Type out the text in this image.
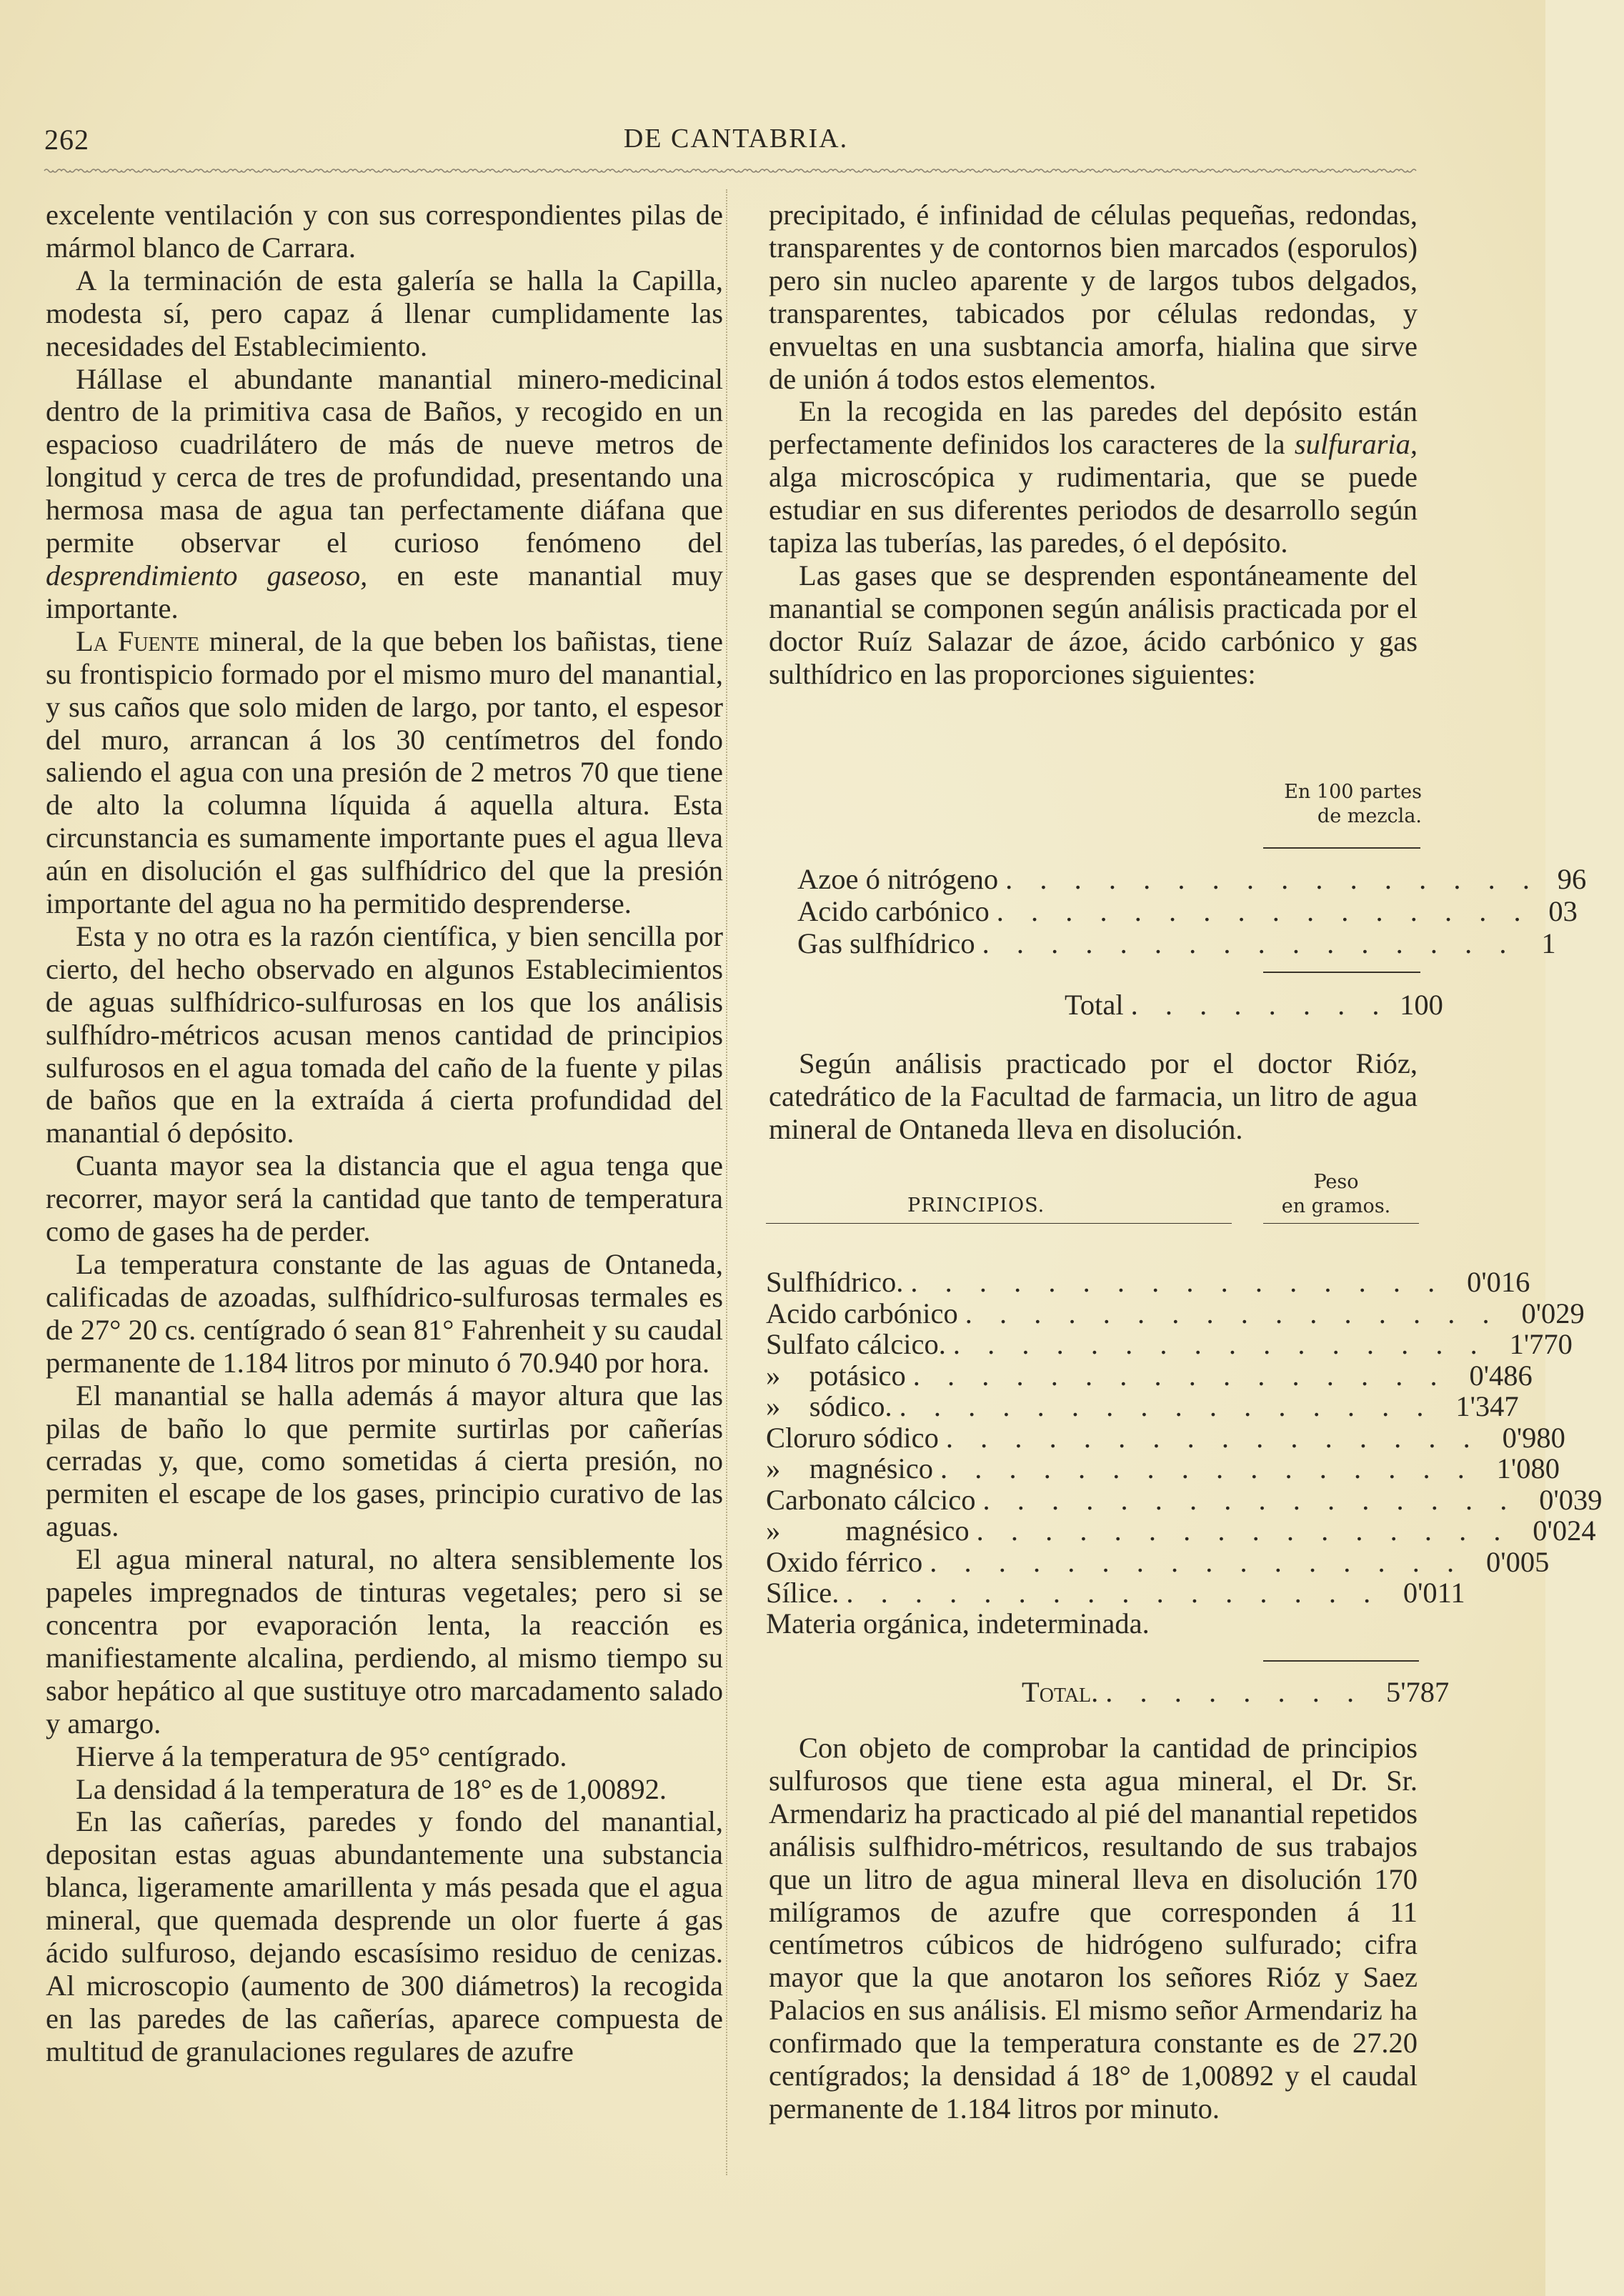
262	DE CANTABRIA.

excelente ventilación y con sus correspondientes pilas de mármol blanco de Carrara.

A la terminación de esta galería se halla la Capilla, modesta sí, pero capaz á llenar cumplidamente las necesidades del Establecimiento.

Hállase el abundante manantial minero-medicinal dentro de la primitiva casa de Baños, y recogido en un espacioso cuadrilátero de más de nueve metros de longitud y cerca de tres de profundidad, presentando una hermosa masa de agua tan perfectamente diáfana que permite observar el curioso fenómeno del desprendimiento gaseoso, en este manantial muy importante.

La Fuente mineral, de la que beben los bañistas, tiene su frontispicio formado por el mismo muro del manantial, y sus caños que solo miden de largo, por tanto, el espesor del muro, arrancan á los 30 centímetros del fondo saliendo el agua con una presión de 2 metros 70 que tiene de alto la columna líquida á aquella altura. Esta circunstancia es sumamente importante pues el agua lleva aún en disolución el gas sulfhídrico del que la presión importante del agua no ha permitido desprenderse.

Esta y no otra es la razón científica, y bien sencilla por cierto, del hecho observado en algunos Establecimientos de aguas sulfhídrico-sulfurosas en los que los análisis sulfhídro-métricos acusan menos cantidad de principios sulfurosos en el agua tomada del caño de la fuente y pilas de baños que en la extraída á cierta profundidad del manantial ó depósito.

Cuanta mayor sea la distancia que el agua tenga que recorrer, mayor será la cantidad que tanto de temperatura como de gases ha de perder.

La temperatura constante de las aguas de Ontaneda, calificadas de azoadas, sulfhídrico-sulfurosas termales es de 27° 20 cs. centígrado ó sean 81° Fahrenheit y su caudal permanente de 1.184 litros por minuto ó 70.940 por hora.

El manantial se halla además á mayor altura que las pilas de baño lo que permite surtirlas por cañerías cerradas y, que, como sometidas á cierta presión, no permiten el escape de los gases, principio curativo de las aguas.

El agua mineral natural, no altera sensiblemente los papeles impregnados de tinturas vegetales; pero si se concentra por evaporación lenta, la reacción es manifiestamente alcalina, perdiendo, al mismo tiempo su sabor hepático al que sustituye otro marcadamento salado y amargo.

Hierve á la temperatura de 95° centígrado.

La densidad á la temperatura de 18° es de 1,00892.

En las cañerías, paredes y fondo del manantial, depositan estas aguas abundantemente una substancia blanca, ligeramente amarillenta y más pesada que el agua mineral, que quemada desprende un olor fuerte á gas ácido sulfuroso, dejando escasísimo residuo de cenizas. Al microscopio (aumento de 300 diámetros) la recogida en las paredes de las cañerías, aparece compuesta de multitud de granulaciones regulares de azufre

precipitado, é infinidad de células pequeñas, redondas, transparentes y de contornos bien marcados (esporulos) pero sin nucleo aparente y de largos tubos delgados, transparentes, tabicados por células redondas, y envueltas en una susbtancia amorfa, hialina que sirve de unión á todos estos elementos.

En la recogida en las paredes del depósito están perfectamente definidos los caracteres de la sulfuraria, alga microscópica y rudimentaria, que se puede estudiar en sus diferentes periodos de desarrollo según tapiza las tuberías, las paredes, ó el depósito.

Las gases que se desprenden espontáneamente del manantial se componen según análisis practicada por el doctor Ruíz Salazar de ázoe, ácido carbónico y gas sulthídrico en las proporciones siguientes:

En 100 partes
de mezcla.
Azoe ó nitrógeno . . . . . . . . . . . . . . . . 96
Acido carbónico . . . . . . . . . . . . . . . . 03
Gas sulfhídrico . . . . . . . . . . . . . . . . 1
Total . . . . . . . . 100

Según análisis practicado por el doctor Rióz, catedrático de la Facultad de farmacia, un litro de agua mineral de Ontaneda lleva en disolución.

PRINCIPIOS.
Peso
en gramos.
Sulfhídrico. . . . . . . . . . . . . . . . . 0'016
Acido carbónico . . . . . . . . . . . . . . . . 0'029
Sulfato cálcico. . . . . . . . . . . . . . . . . 1'770
»    potásico . . . . . . . . . . . . . . . . 0'486
»    sódico. . . . . . . . . . . . . . . . . 1'347
Cloruro sódico . . . . . . . . . . . . . . . . 0'980
»    magnésico . . . . . . . . . . . . . . . . 1'080
Carbonato cálcico . . . . . . . . . . . . . . . . 0'039
»         magnésico . . . . . . . . . . . . . . . . 0'024
Oxido férrico . . . . . . . . . . . . . . . . 0'005
Sílice. . . . . . . . . . . . . . . . . 0'011
Materia orgánica, indeterminada.
Total. . . . . . . . . 5'787

Con objeto de comprobar la cantidad de principios sulfurosos que tiene esta agua mineral, el Dr. Sr. Armendariz ha practicado al pié del manantial repetidos análisis sulfhidro-métricos, resultando de sus trabajos que un litro de agua mineral lleva en disolución 170 milígramos de azufre que corresponden á 11 centímetros cúbicos de hidrógeno sulfurado; cifra mayor que la que anotaron los señores Rióz y Saez Palacios en sus análisis. El mismo señor Armendariz ha confirmado que la temperatura constante es de 27.20 centígrados; la densidad á 18° de 1,00892 y el caudal permanente de 1.184 litros por minuto.
